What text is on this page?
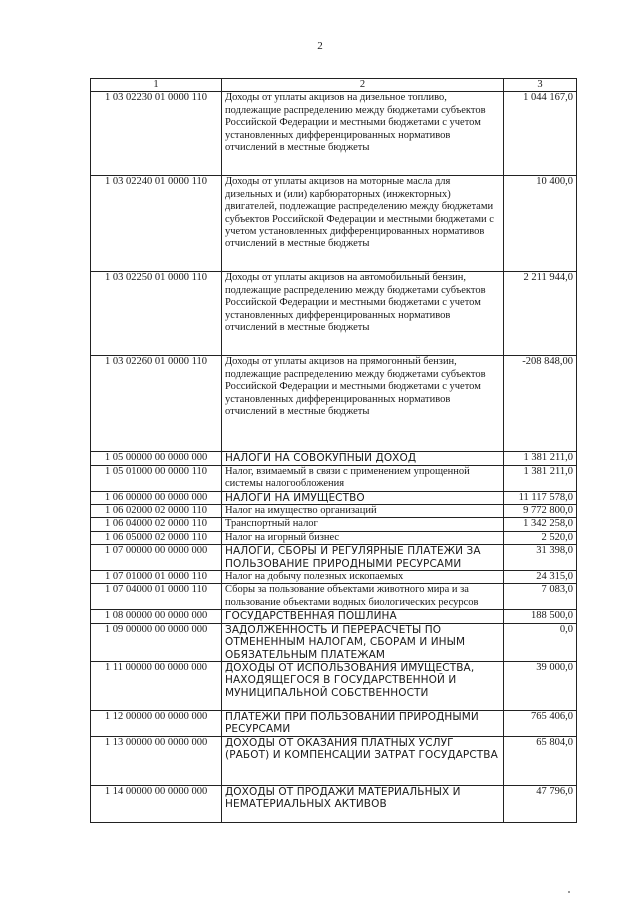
2
1	2	3
1 03 02230 01 0000 110	Доходы от уплаты акцизов на дизельное топливо, подлежащие распределению между бюджетами субъектов Российской Федерации и местными бюджетами с учетом установленных дифференцированных нормативов отчислений в местные бюджеты	1 044 167,0
1 03 02240 01 0000 110	Доходы от уплаты акцизов на моторные масла для дизельных и (или) карбюраторных (инжекторных) двигателей, подлежащие распределению между бюджетами субъектов Российской Федерации и местными бюджетами с учетом установленных дифференцированных нормативов отчислений в местные бюджеты	10 400,0
1 03 02250 01 0000 110	Доходы от уплаты акцизов на автомобильный бензин, подлежащие распределению между бюджетами субъектов Российской Федерации и местными бюджетами с учетом установленных дифференцированных нормативов отчислений в местные бюджеты	2 211 944,0
1 03 02260 01 0000 110	Доходы от уплаты акцизов на прямогонный бензин, подлежащие распределению между бюджетами субъектов Российской Федерации и местными бюджетами с учетом установленных дифференцированных нормативов отчислений в местные бюджеты	-208 848,00
1 05 00000 00 0000 000	НАЛОГИ НА СОВОКУПНЫЙ ДОХОД	1 381 211,0
1 05 01000 00 0000 110	Налог, взимаемый в связи с применением упрощенной системы налогообложения	1 381 211,0
1 06 00000 00 0000 000	НАЛОГИ НА ИМУЩЕСТВО	11 117 578,0
1 06 02000 02 0000 110	Налог на имущество организаций	9 772 800,0
1 06 04000 02 0000 110	Транспортный налог	1 342 258,0
1 06 05000 02 0000 110	Налог на игорный бизнес	2 520,0
1 07 00000 00 0000 000	НАЛОГИ, СБОРЫ И РЕГУЛЯРНЫЕ ПЛАТЕЖИ ЗА ПОЛЬЗОВАНИЕ ПРИРОДНЫМИ РЕСУРСАМИ	31 398,0
1 07 01000 01 0000 110	Налог на добычу полезных ископаемых	24 315,0
1 07 04000 01 0000 110	Сборы за пользование объектами животного мира и за пользование объектами водных биологических ресурсов	7 083,0
1 08 00000 00 0000 000	ГОСУДАРСТВЕННАЯ ПОШЛИНА	188 500,0
1 09 00000 00 0000 000	ЗАДОЛЖЕННОСТЬ И ПЕРЕРАСЧЕТЫ ПО ОТМЕНЕННЫМ НАЛОГАМ, СБОРАМ И ИНЫМ ОБЯЗАТЕЛЬНЫМ ПЛАТЕЖАМ	0,0
1 11 00000 00 0000 000	ДОХОДЫ ОТ ИСПОЛЬЗОВАНИЯ ИМУЩЕСТВА, НАХОДЯЩЕГОСЯ В ГОСУДАРСТВЕННОЙ И МУНИЦИПАЛЬНОЙ СОБСТВЕННОСТИ	39 000,0
1 12 00000 00 0000 000	ПЛАТЕЖИ ПРИ ПОЛЬЗОВАНИИ ПРИРОДНЫМИ РЕСУРСАМИ	765 406,0
1 13 00000 00 0000 000	ДОХОДЫ ОТ ОКАЗАНИЯ ПЛАТНЫХ УСЛУГ (РАБОТ) И КОМПЕНСАЦИИ ЗАТРАТ ГОСУДАРСТВА	65 804,0
1 14 00000 00 0000 000	ДОХОДЫ ОТ ПРОДАЖИ МАТЕРИАЛЬНЫХ И НЕМАТЕРИАЛЬНЫХ АКТИВОВ	47 796,0
